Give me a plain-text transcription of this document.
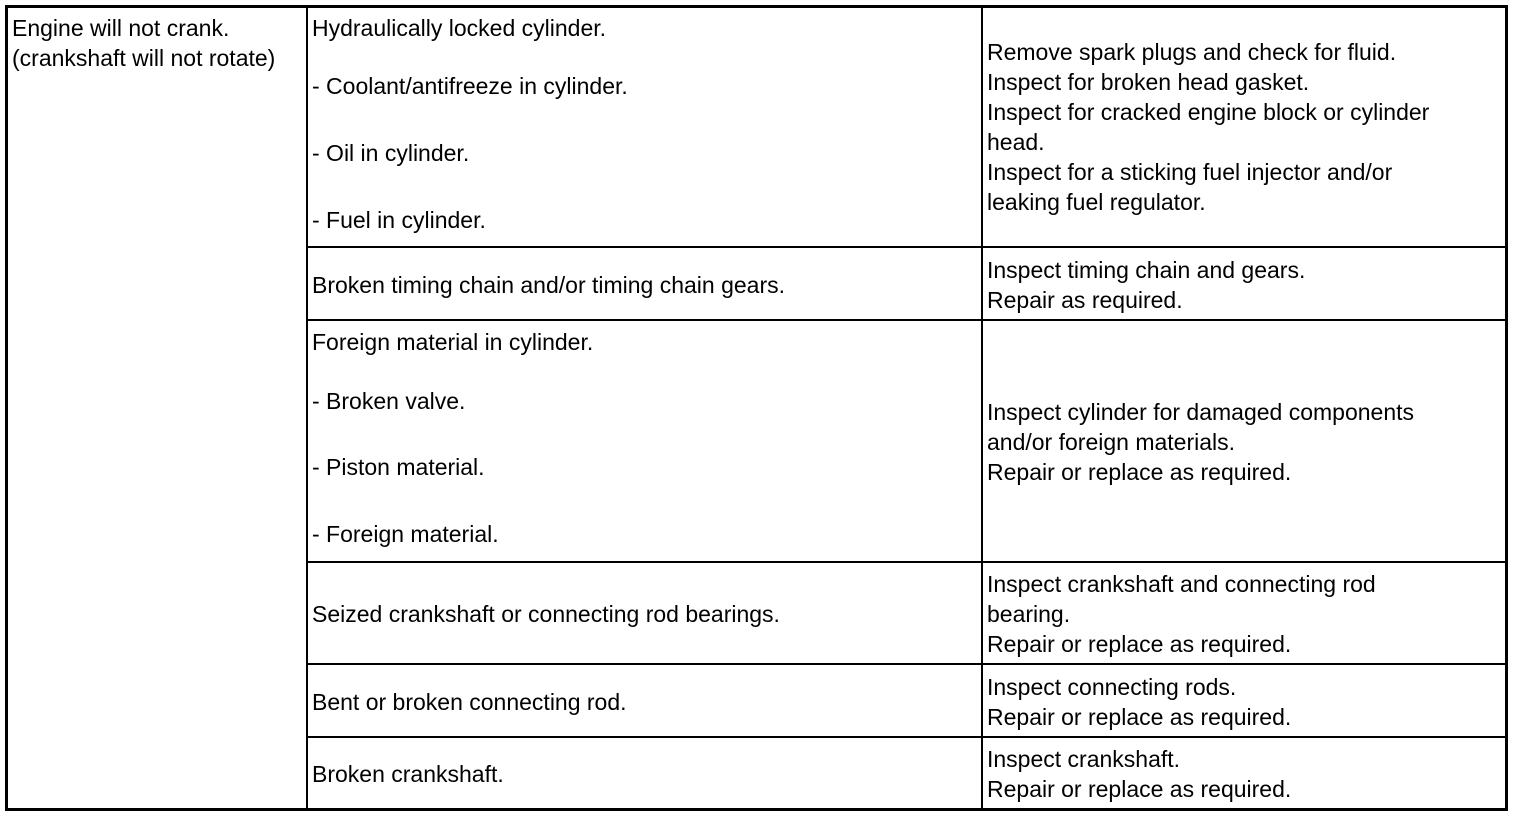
Engine will not crank.
(crankshaft will not rotate)
Hydraulically locked cylinder.
- Coolant/antifreeze in cylinder.
- Oil in cylinder.
- Fuel in cylinder.
Remove spark plugs and check for fluid.
Inspect for broken head gasket.
Inspect for cracked engine block or cylinder
head.
Inspect for a sticking fuel injector and/or
leaking fuel regulator.
Broken timing chain and/or timing chain gears.
Inspect timing chain and gears.
Repair as required.
Foreign material in cylinder.
- Broken valve.
- Piston material.
- Foreign material.
Inspect cylinder for damaged components
and/or foreign materials.
Repair or replace as required.
Seized crankshaft or connecting rod bearings.
Inspect crankshaft and connecting rod
bearing.
Repair or replace as required.
Bent or broken connecting rod.
Inspect connecting rods.
Repair or replace as required.
Broken crankshaft.
Inspect crankshaft.
Repair or replace as required.
